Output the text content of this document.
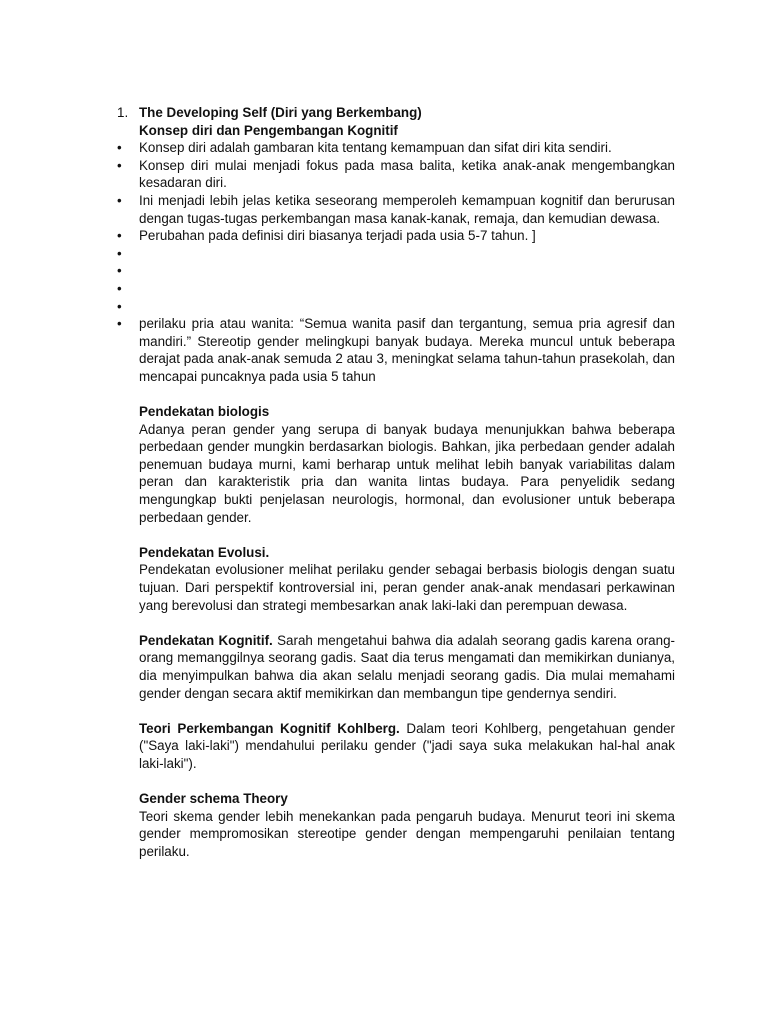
1. The Developing Self (Diri yang Berkembang)
Konsep diri dan Pengembangan Kognitif
•	Konsep diri adalah gambaran kita tentang kemampuan dan sifat diri kita sendiri.
•	Konsep diri mulai menjadi fokus pada masa balita, ketika anak-anak mengembangkan kesadaran diri.
•	Ini menjadi lebih jelas ketika seseorang memperoleh kemampuan kognitif dan berurusan dengan tugas-tugas perkembangan masa kanak-kanak, remaja, dan kemudian dewasa.
•	Perubahan pada definisi diri biasanya terjadi pada usia 5-7 tahun. ]
•
•
•
•
•	perilaku pria atau wanita: “Semua wanita pasif dan tergantung, semua pria agresif dan mandiri.” Stereotip gender melingkupi banyak budaya. Mereka muncul untuk beberapa derajat pada anak-anak semuda 2 atau 3, meningkat selama tahun-tahun prasekolah, dan mencapai puncaknya pada usia 5 tahun
Pendekatan biologis
Adanya peran gender yang serupa di banyak budaya menunjukkan bahwa beberapa perbedaan gender mungkin berdasarkan biologis. Bahkan, jika perbedaan gender adalah penemuan budaya murni, kami berharap untuk melihat lebih banyak variabilitas dalam peran dan karakteristik pria dan wanita lintas budaya. Para penyelidik sedang mengungkap bukti penjelasan neurologis, hormonal, dan evolusioner untuk beberapa perbedaan gender.
Pendekatan Evolusi.
Pendekatan evolusioner melihat perilaku gender sebagai berbasis biologis dengan suatu tujuan. Dari perspektif kontroversial ini, peran gender anak-anak mendasari perkawinan yang berevolusi dan strategi membesarkan anak laki-laki dan perempuan dewasa.
Pendekatan Kognitif. Sarah mengetahui bahwa dia adalah seorang gadis karena orang-orang memanggilnya seorang gadis. Saat dia terus mengamati dan memikirkan dunianya, dia menyimpulkan bahwa dia akan selalu menjadi seorang gadis. Dia mulai memahami gender dengan secara aktif memikirkan dan membangun tipe gendernya sendiri.
Teori Perkembangan Kognitif Kohlberg. Dalam teori Kohlberg, pengetahuan gender ("Saya laki-laki") mendahului perilaku gender ("jadi saya suka melakukan hal-hal anak laki-laki").
Gender schema Theory
Teori skema gender lebih menekankan pada pengaruh budaya. Menurut teori ini skema gender mempromosikan stereotipe gender dengan mempengaruhi penilaian tentang perilaku.
